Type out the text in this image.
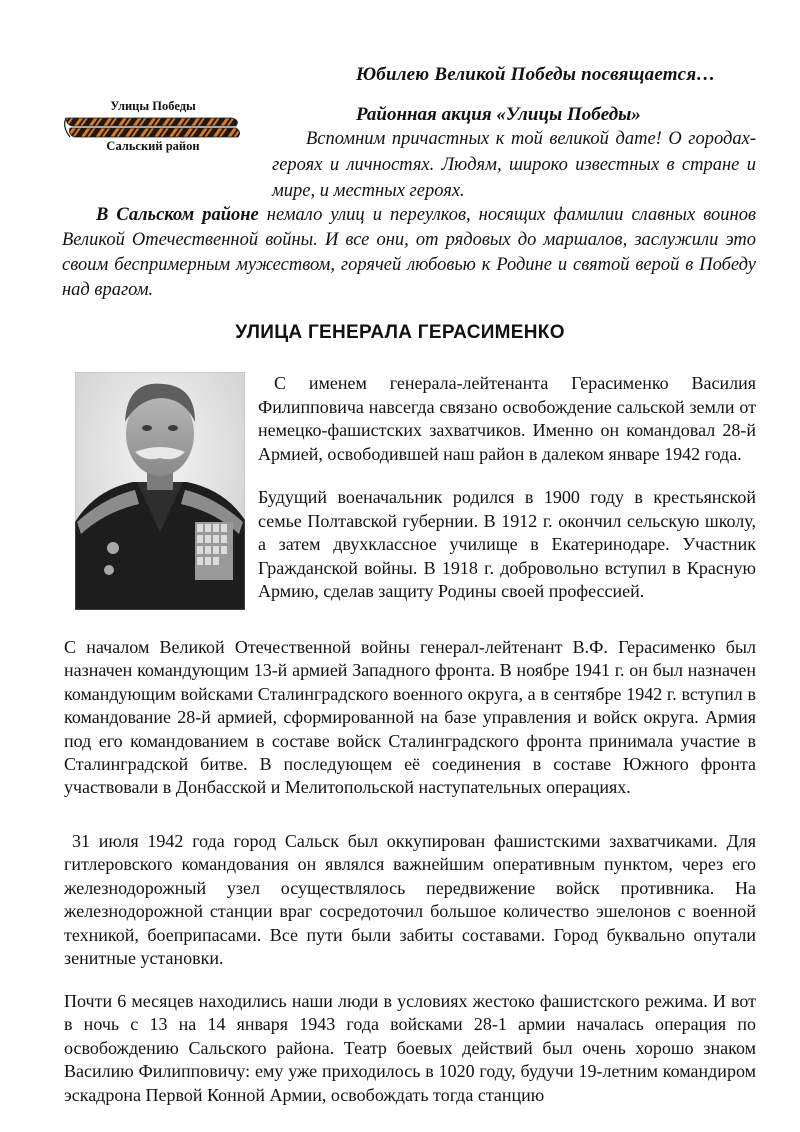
Юбилею Великой Победы посвящается…
Улицы Победы
Сальский район
Районная акция «Улицы Победы»
Вспомним причастных к той великой дате! О городах-героях и личностях. Людям, широко известных в стране и мире, и местных героях.
В Сальском районе немало улиц и переулков, носящих фамилии славных воинов Великой Отечественной войны. И все они, от рядовых до маршалов, заслужили это своим беспримерным мужеством, горячей любовью к Родине и святой верой в Победу над врагом.
УЛИЦА ГЕНЕРАЛА ГЕРАСИМЕНКО

С именем генерала-лейтенанта Герасименко Василия Филипповича навсегда связано освобождение сальской земли от немецко-фашистских захватчиков. Именно он командовал 28-й Армией, освободившей наш район в далеком январе 1942 года.

Будущий военачальник родился в 1900 году в крестьянской семье Полтавской губернии. В 1912 г. окончил сельскую школу, а затем двухклассное училище в Екатеринодаре. Участник Гражданской войны. В 1918 г. добровольно вступил в Красную Армию, сделав защиту Родины своей профессией.

С началом Великой Отечественной войны генерал-лейтенант В.Ф. Герасименко был назначен командующим 13-й армией Западного фронта. В ноябре 1941 г. он был назначен командующим войсками Сталинградского военного округа, а в сентябре 1942 г. вступил в командование 28-й армией, сформированной на базе управления и войск округа. Армия под его командованием в составе войск Сталинградского фронта принимала участие в Сталинградской битве. В последующем её соединения в составе Южного фронта участвовали в Донбасской и Мелитопольской наступательных операциях.

31 июля 1942 года город Сальск был оккупирован фашистскими захватчиками. Для гитлеровского командования он являлся важнейшим оперативным пунктом, через его железнодорожный узел осуществлялось передвижение войск противника. На железнодорожной станции враг сосредоточил большое количество эшелонов с военной техникой, боеприпасами. Все пути были забиты составами. Город буквально опутали зенитные установки.

Почти 6 месяцев находились наши люди в условиях жестоко фашистского режима. И вот в ночь с 13 на 14 января 1943 года войсками 28-1 армии началась операция по освобождению Сальского района. Театр боевых действий был очень хорошо знаком Василию Филипповичу: ему уже приходилось в 1020 году, будучи 19-летним командиром эскадрона Первой Конной Армии, освобождать тогда станцию
